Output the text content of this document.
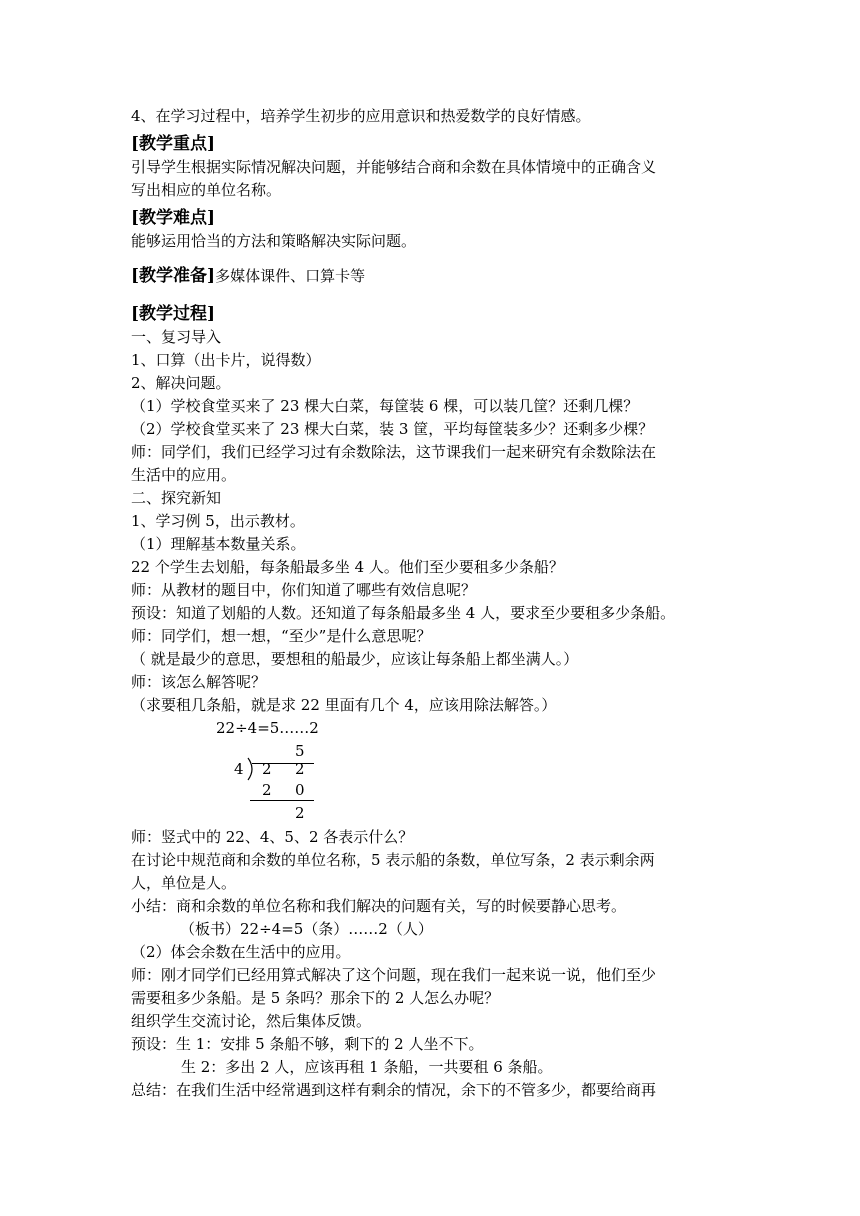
4、在学习过程中，培养学生初步的应用意识和热爱数学的良好情感。
[教学重点]
引导学生根据实际情况解决问题，并能够结合商和余数在具体情境中的正确含义
写出相应的单位名称。
[教学难点]
能够运用恰当的方法和策略解决实际问题。
[教学准备]多媒体课件、口算卡等
[教学过程]
一、复习导入
1、口算（出卡片，说得数）
2、解决问题。
（1）学校食堂买来了 23 棵大白菜，每筐装 6 棵，可以装几筐？还剩几棵？
（2）学校食堂买来了 23 棵大白菜，装 3 筐，平均每筐装多少？还剩多少棵？
师：同学们，我们已经学习过有余数除法，这节课我们一起来研究有余数除法在
生活中的应用。
二、探究新知
1、学习例 5，出示教材。
（1）理解基本数量关系。
22 个学生去划船，每条船最多坐 4 人。他们至少要租多少条船？
师：从教材的题目中，你们知道了哪些有效信息呢？
预设：知道了划船的人数。还知道了每条船最多坐 4 人，要求至少要租多少条船。
师：同学们，想一想，“至少”是什么意思呢？
（ 就是最少的意思，要想租的船最少，应该让每条船上都坐满人。）
师：该怎么解答呢？
（求要租几条船，就是求 22 里面有几个 4，应该用除法解答。）
22÷4=5……2
5
4 2 2
2 0
2
师：竖式中的 22、4、5、2 各表示什么？
在讨论中规范商和余数的单位名称，5 表示船的条数，单位写条，2 表示剩余两
人，单位是人。
小结：商和余数的单位名称和我们解决的问题有关，写的时候要静心思考。
（板书）22÷4=5（条）……2（人）
（2）体会余数在生活中的应用。
师：刚才同学们已经用算式解决了这个问题，现在我们一起来说一说，他们至少
需要租多少条船。是 5 条吗？那余下的 2 人怎么办呢？
组织学生交流讨论，然后集体反馈。
预设：生 1：安排 5 条船不够，剩下的 2 人坐不下。
生 2：多出 2 人，应该再租 1 条船，一共要租 6 条船。
总结：在我们生活中经常遇到这样有剩余的情况，余下的不管多少，都要给商再
